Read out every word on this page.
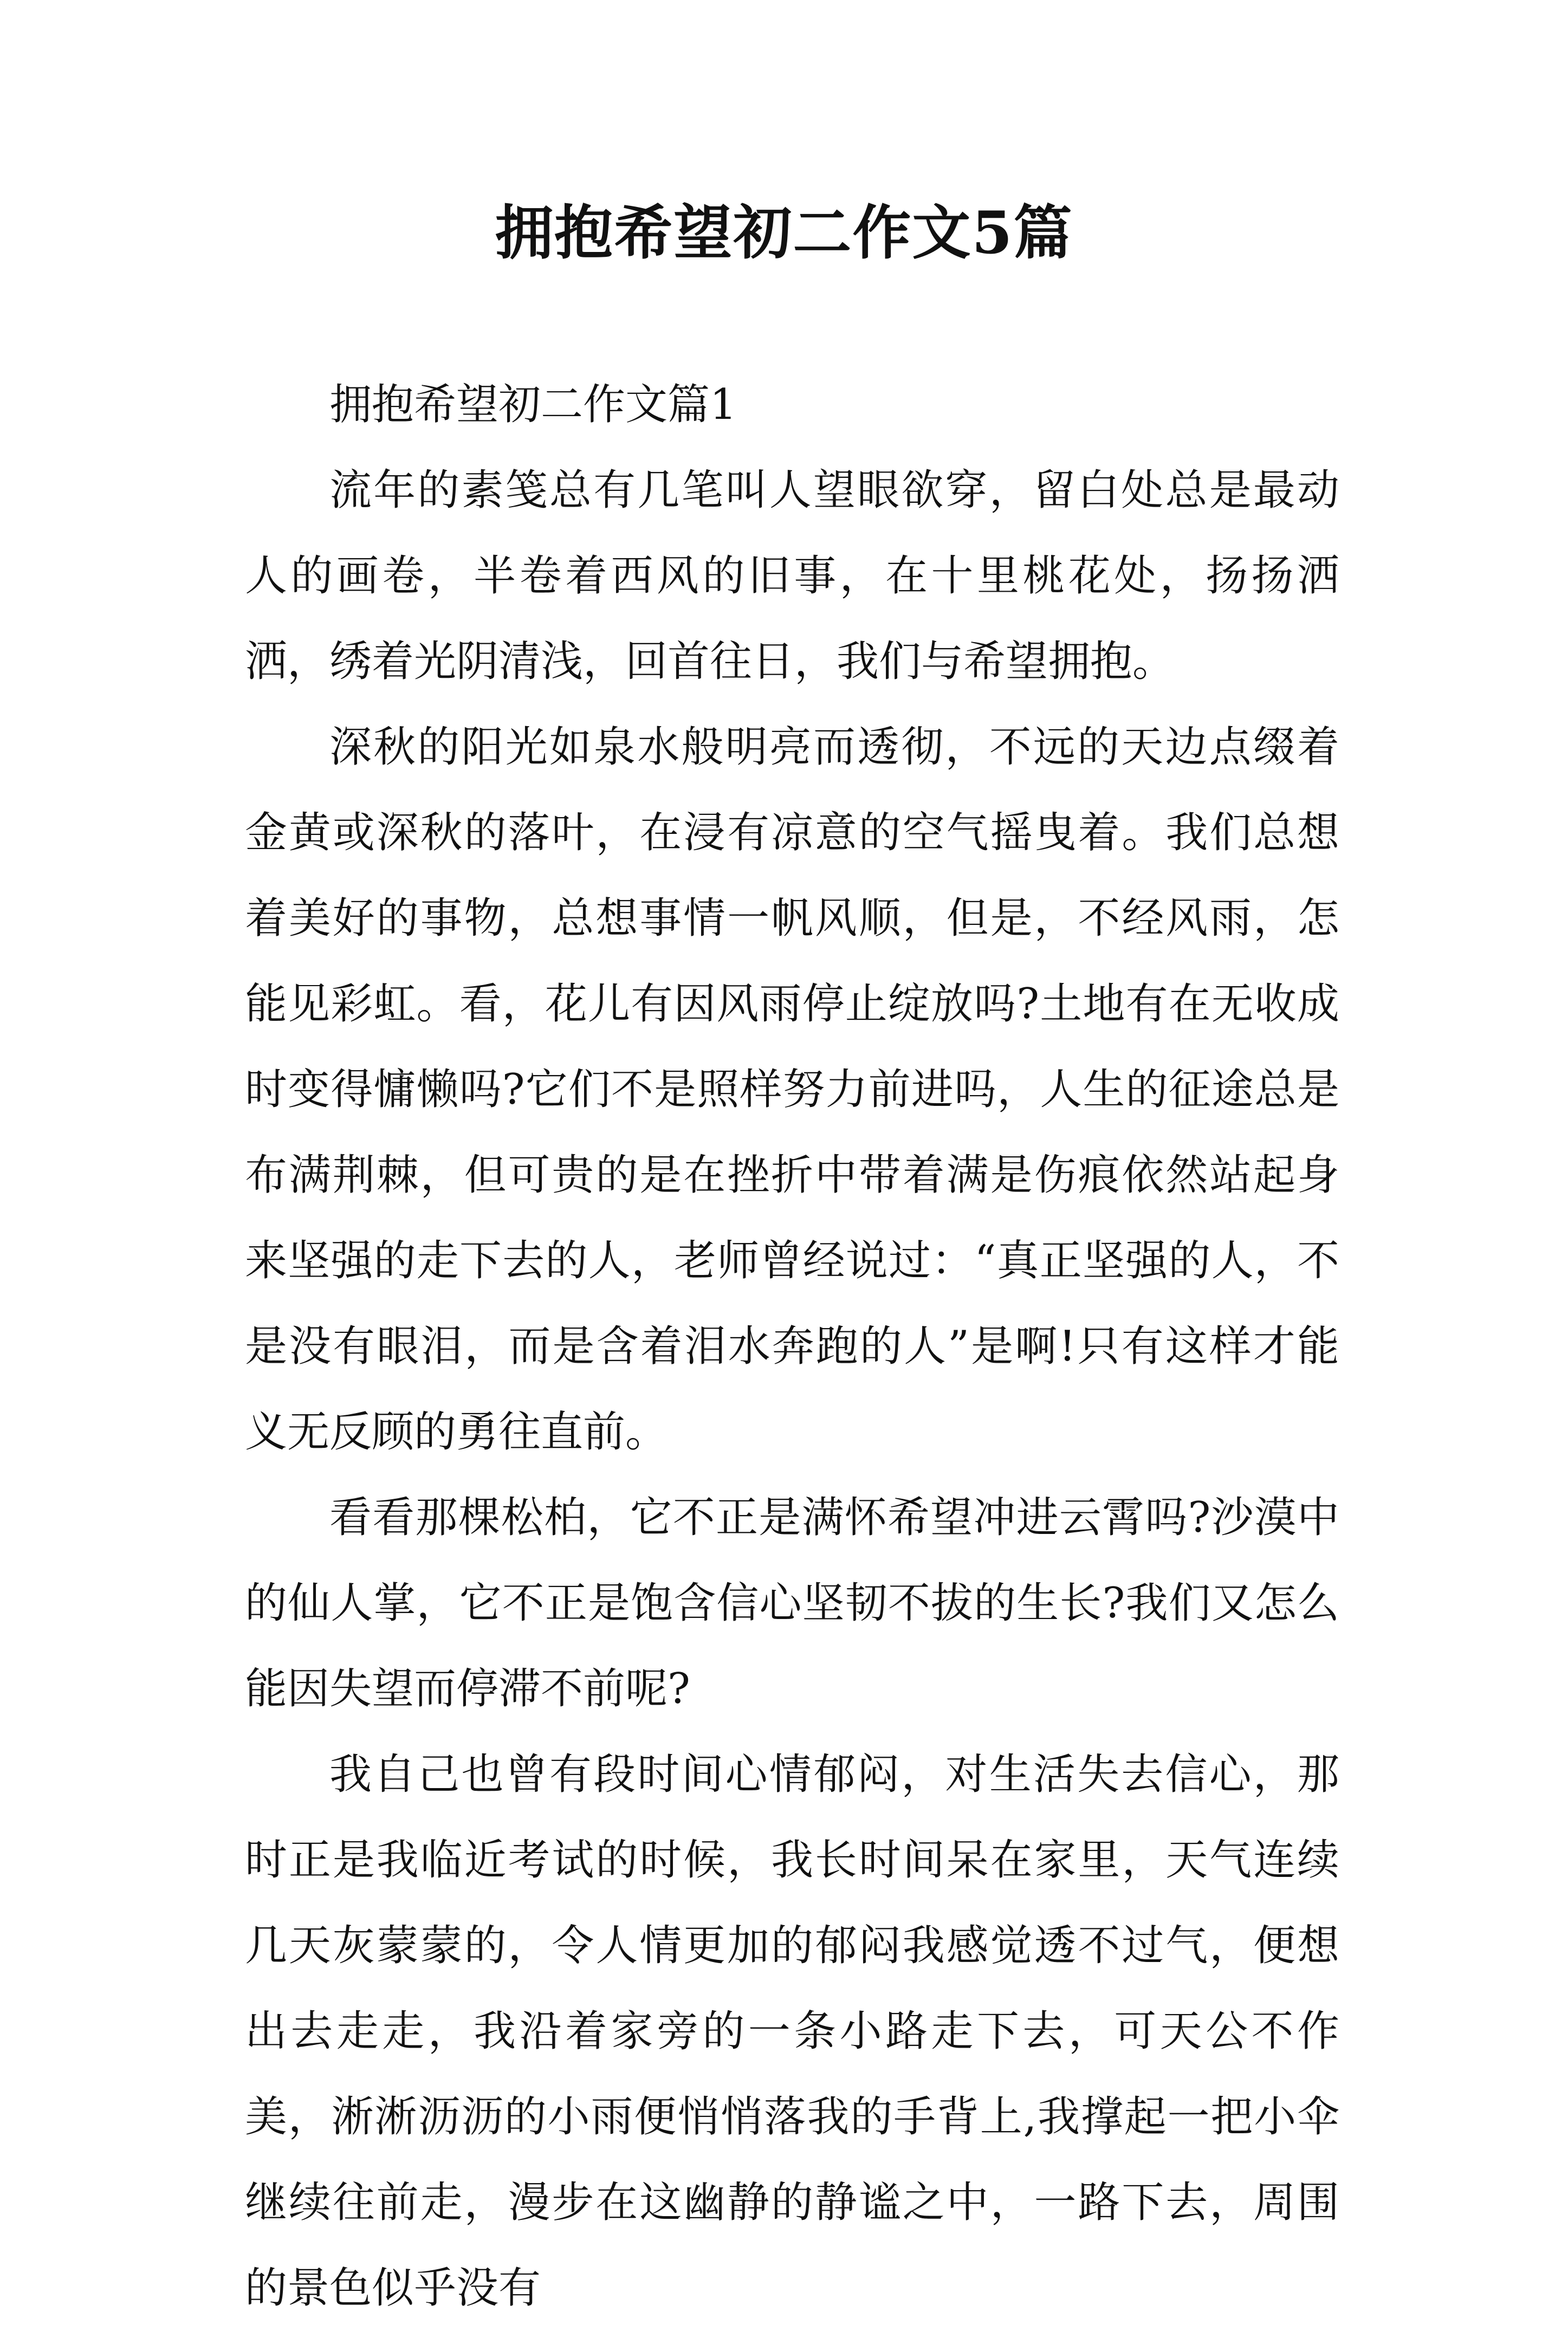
拥抱希望初二作文5篇

拥抱希望初二作文篇1

流年的素笺总有几笔叫人望眼欲穿，留白处总是最动人的画卷，半卷着西风的旧事，在十里桃花处，扬扬洒洒，绣着光阴清浅，回首往日，我们与希望拥抱。

深秋的阳光如泉水般明亮而透彻，不远的天边点缀着金黄或深秋的落叶，在浸有凉意的空气摇曳着。我们总想着美好的事物，总想事情一帆风顺，但是，不经风雨，怎能见彩虹。看，花儿有因风雨停止绽放吗?土地有在无收成时变得慵懒吗?它们不是照样努力前进吗，人生的征途总是布满荆棘，但可贵的是在挫折中带着满是伤痕依然站起身来坚强的走下去的人，老师曾经说过：“真正坚强的人，不是没有眼泪，而是含着泪水奔跑的人”是啊!只有这样才能义无反顾的勇往直前。

看看那棵松柏，它不正是满怀希望冲进云霄吗?沙漠中的仙人掌，它不正是饱含信心坚韧不拔的生长?我们又怎么能因失望而停滞不前呢?

我自己也曾有段时间心情郁闷，对生活失去信心，那时正是我临近考试的时候，我长时间呆在家里，天气连续几天灰蒙蒙的，令人情更加的郁闷我感觉透不过气，便想出去走走，我沿着家旁的一条小路走下去，可天公不作美，淅淅沥沥的小雨便悄悄落我的手背上,我撑起一把小伞继续往前走，漫步在这幽静的静谧之中，一路下去，周围的景色似乎没有
